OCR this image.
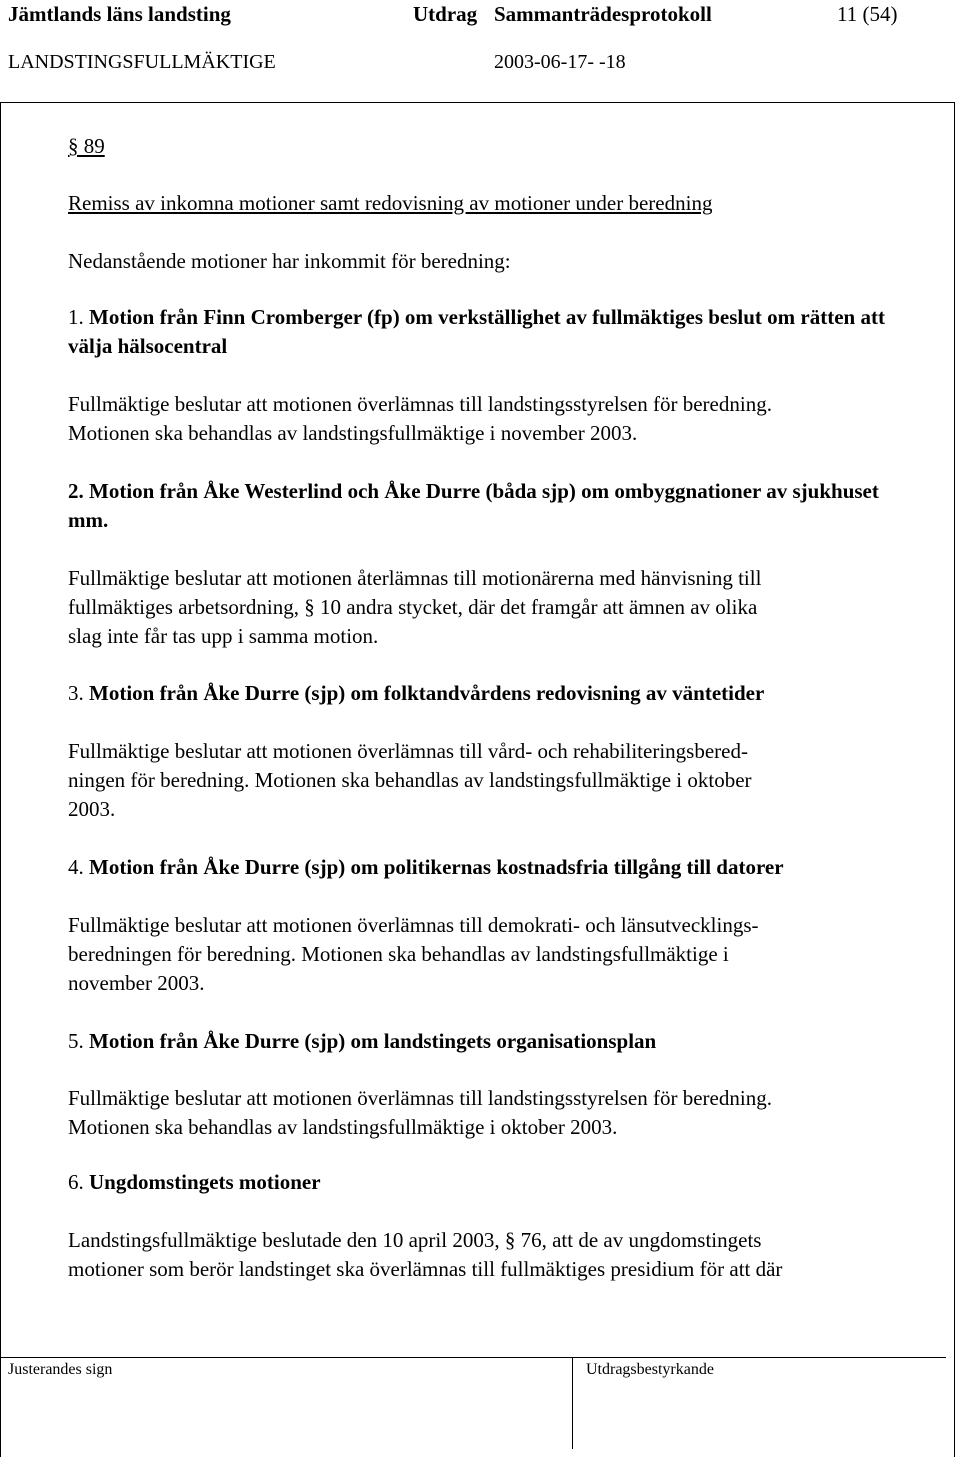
Jämtlands läns landsting	Utdrag Sammanträdesprotokoll	11 (54)
LANDSTINGSFULLMÄKTIGE	2003-06-17- -18
§ 89
Remiss av inkomna motioner samt redovisning av motioner under beredning
Nedanstående motioner har inkommit för beredning:
1. Motion från Finn Cromberger (fp) om verkställighet av fullmäktiges beslut om rätten att välja hälsocentral
Fullmäktige beslutar att motionen överlämnas till landstingsstyrelsen för beredning.
Motionen ska behandlas av landstingsfullmäktige i november 2003.
2. Motion från Åke Westerlind och Åke Durre (båda sjp) om ombyggnationer av sjukhuset mm.
Fullmäktige beslutar att motionen återlämnas till motionärerna med hänvisning till
fullmäktiges arbetsordning, § 10 andra stycket, där det framgår att ämnen av olika
slag inte får tas upp i samma motion.
3. Motion från Åke Durre (sjp) om folktandvårdens redovisning av väntetider
Fullmäktige beslutar att motionen överlämnas till vård- och rehabiliteringsbered-
ningen för beredning. Motionen ska behandlas av landstingsfullmäktige i oktober
2003.
4. Motion från Åke Durre (sjp) om politikernas kostnadsfria tillgång till datorer
Fullmäktige beslutar att motionen överlämnas till demokrati- och länsutvecklings-
beredningen för beredning. Motionen ska behandlas av landstingsfullmäktige i
november 2003.
5. Motion från Åke Durre (sjp) om landstingets organisationsplan
Fullmäktige beslutar att motionen överlämnas till landstingsstyrelsen för beredning.
Motionen ska behandlas av landstingsfullmäktige i oktober 2003.
6. Ungdomstingets motioner
Landstingsfullmäktige beslutade den 10 april 2003, § 76, att de av ungdomstingets
motioner som berör landstinget ska överlämnas till fullmäktiges presidium för att där
Justerandes sign	Utdragsbestyrkande
